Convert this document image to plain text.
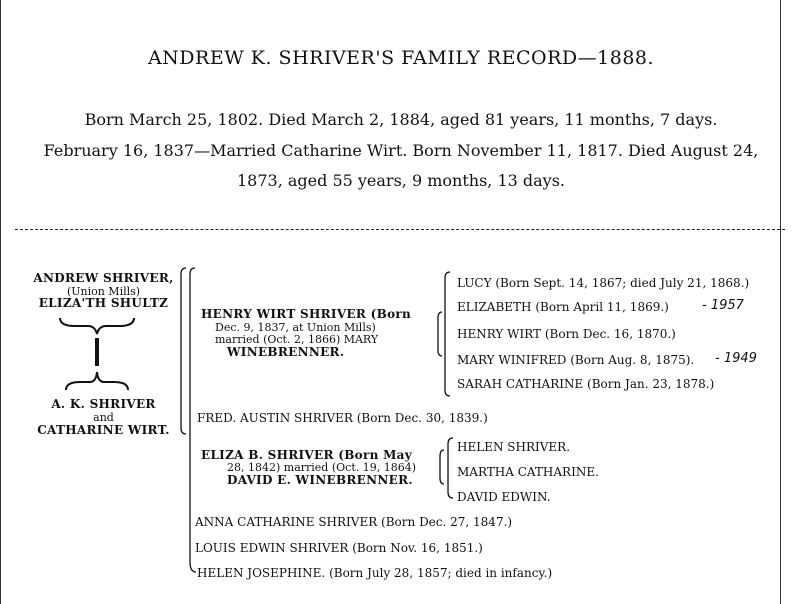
ANDREW K. SHRIVER'S FAMILY RECORD—1888.
Born March 25, 1802. Died March 2, 1884, aged 81 years, 11 months, 7 days.
February 16, 1837—Married Catharine Wirt. Born November 11, 1817. Died August 24,
1873, aged 55 years, 9 months, 13 days.
ANDREW SHRIVER,
(Union Mills)
ELIZA'TH SHULTZ
A. K. SHRIVER
and
CATHARINE WIRT.
HENRY WIRT SHRIVER (Born
Dec. 9, 1837, at Union Mills)
married (Oct. 2, 1866) MARY
WINEBRENNER.
LUCY (Born Sept. 14, 1867; died July 21, 1868.)
ELIZABETH (Born April 11, 1869.)	- 1957
HENRY WIRT (Born Dec. 16, 1870.)
MARY WINIFRED (Born Aug. 8, 1875). - 1949
SARAH CATHARINE (Born Jan. 23, 1878.)
FRED. AUSTIN SHRIVER (Born Dec. 30, 1839.)
ELIZA B. SHRIVER (Born May
28, 1842) married (Oct. 19, 1864)
DAVID E. WINEBRENNER.
HELEN SHRIVER.
MARTHA CATHARINE.
DAVID EDWIN.
ANNA CATHARINE SHRIVER (Born Dec. 27, 1847.)
LOUIS EDWIN SHRIVER (Born Nov. 16, 1851.)
HELEN JOSEPHINE. (Born July 28, 1857; died in infancy.)
